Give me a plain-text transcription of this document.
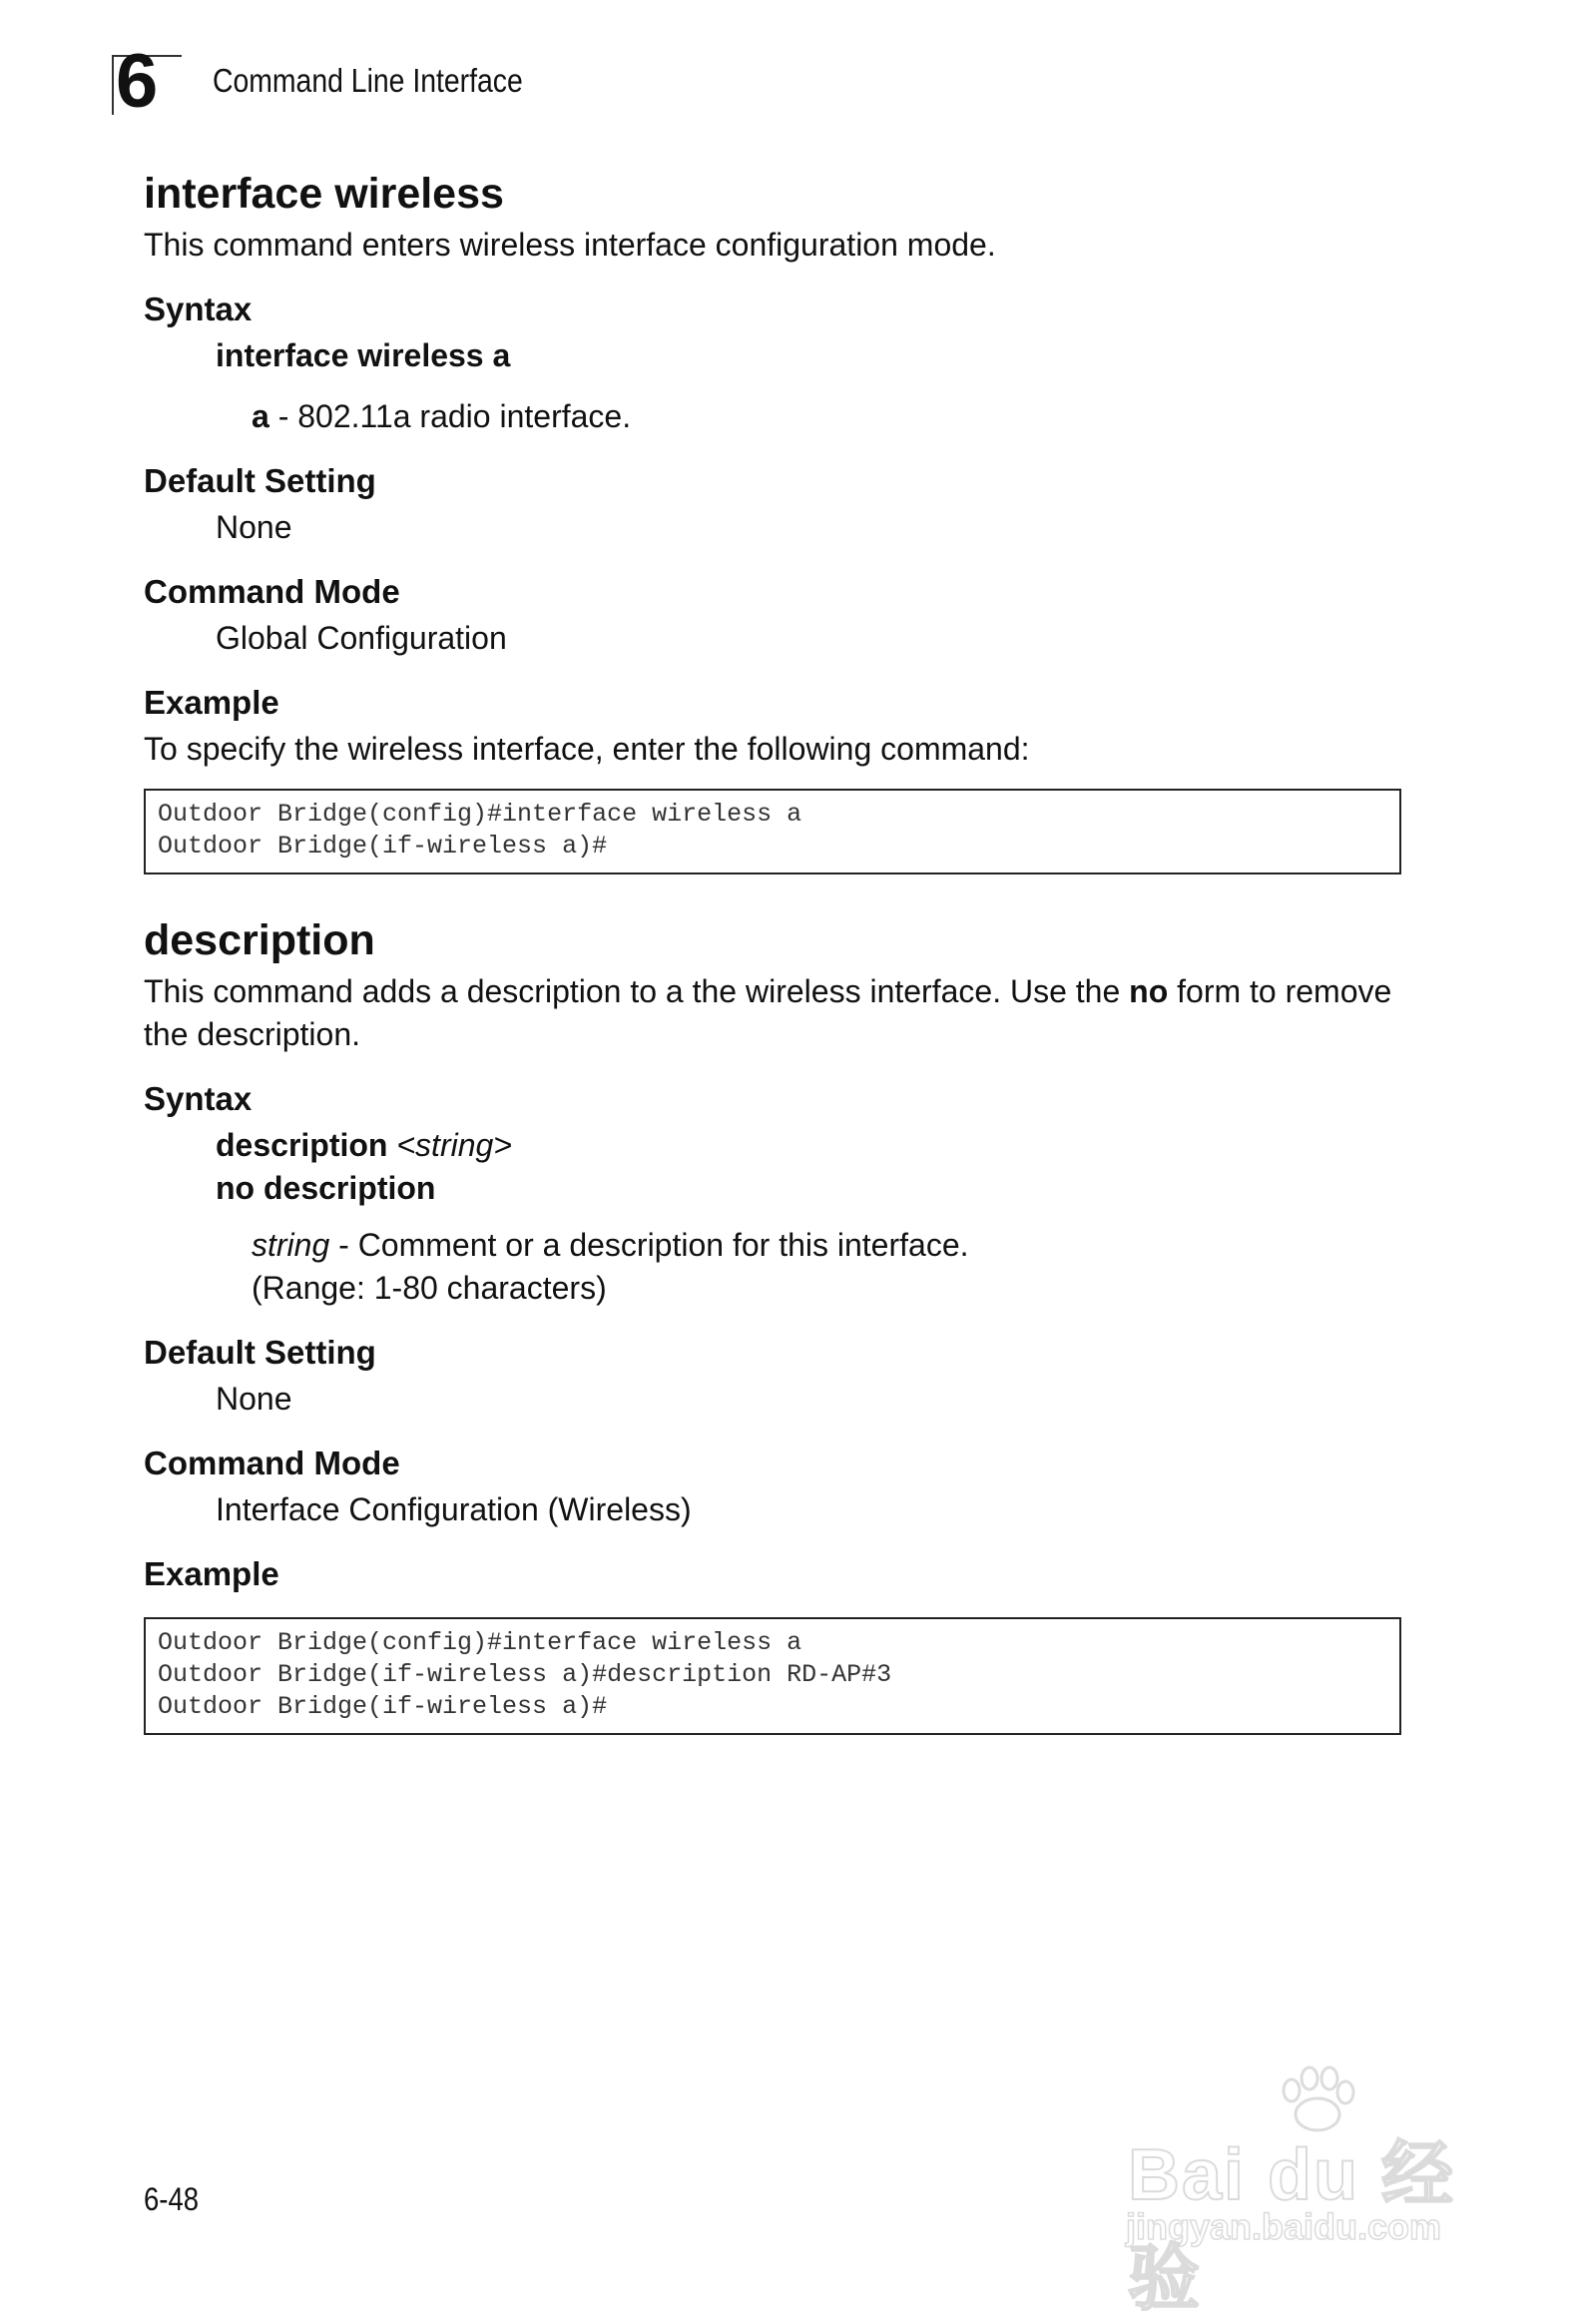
6 Command Line Interface
interface wireless

This command enters wireless interface configuration mode.

Syntax
interface wireless a
a - 802.11a radio interface.
Default Setting
None
Command Mode
Global Configuration
Example

To specify the wireless interface, enter the following command:

Outdoor Bridge(config)#interface wireless a
Outdoor Bridge(if-wireless a)#
description

This command adds a description to a the wireless interface. Use the no form to remove the description.

Syntax
description <string>
no description
string - Comment or a description for this interface.
(Range: 1-80 characters)
Default Setting
None
Command Mode
Interface Configuration (Wireless)
Example
Outdoor Bridge(config)#interface wireless a
Outdoor Bridge(if-wireless a)#description RD-AP#3
Outdoor Bridge(if-wireless a)#
6-48	Bai du 经验
jingyan.baidu.com
